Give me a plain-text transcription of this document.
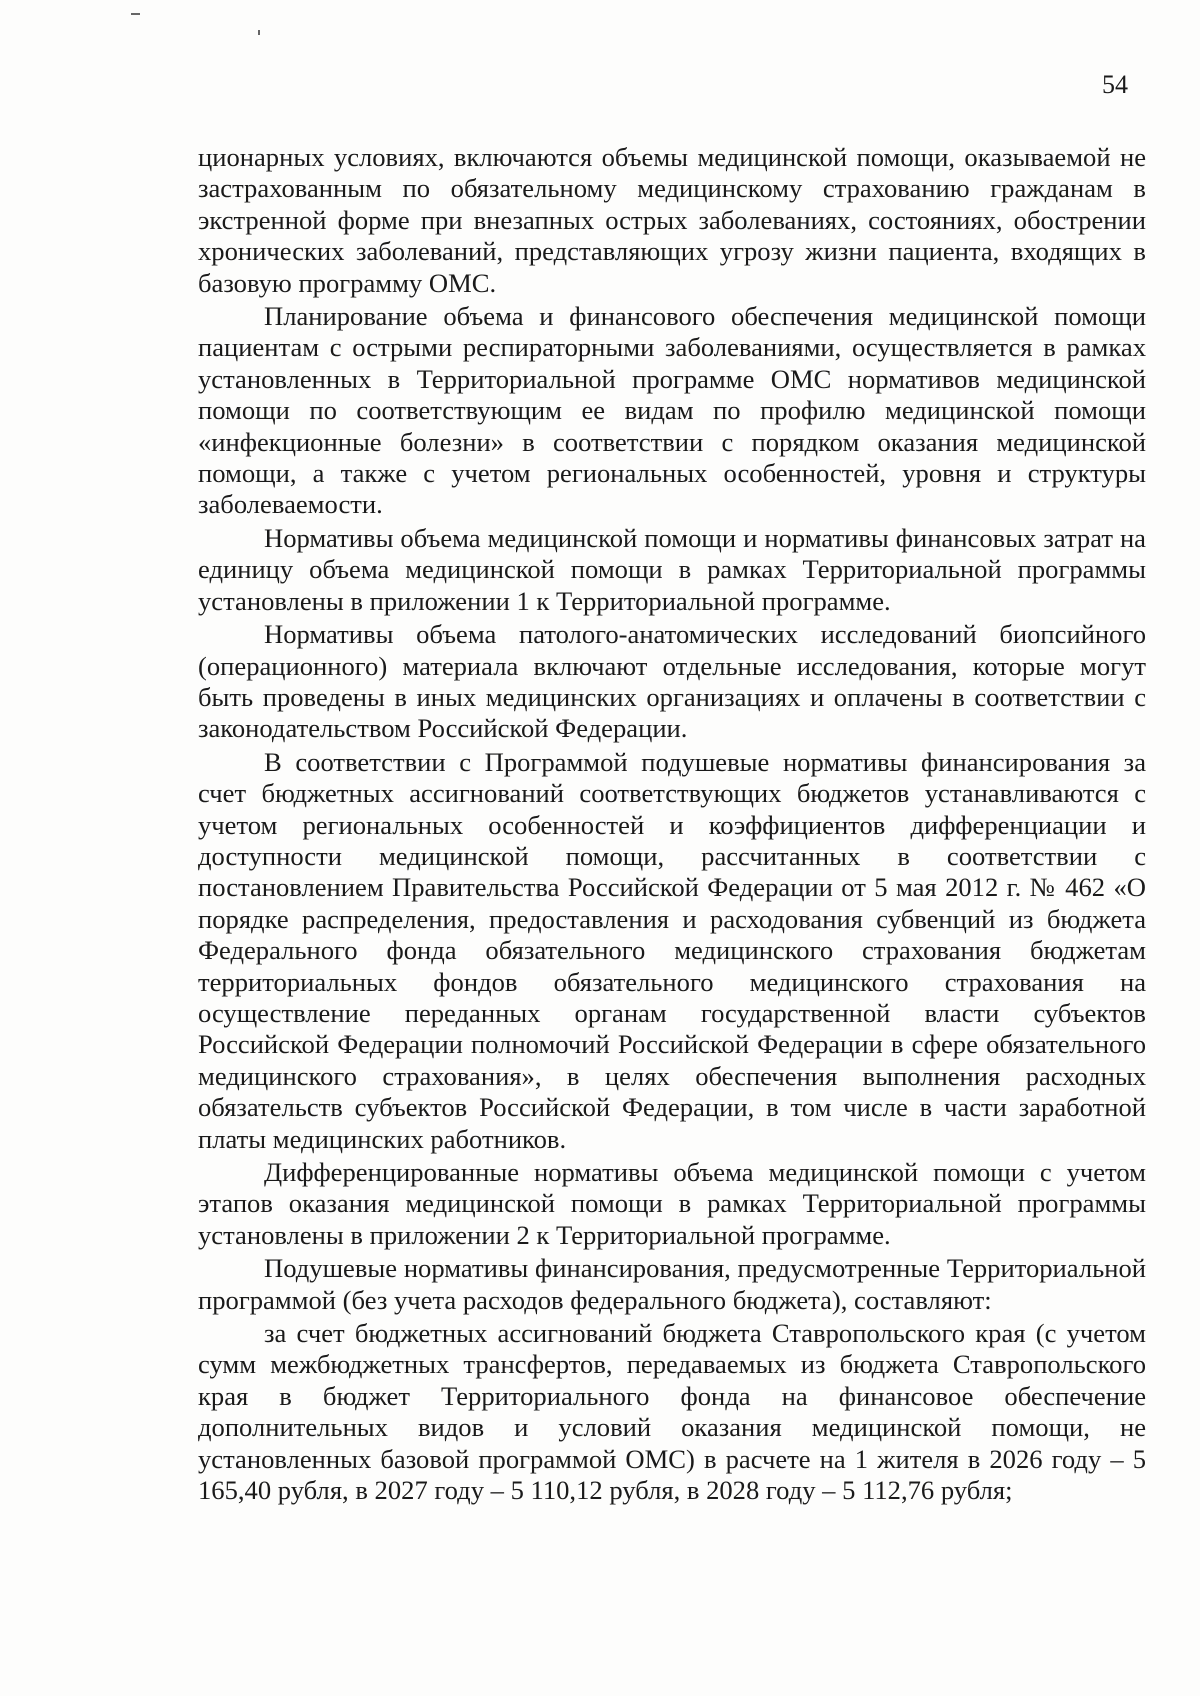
54

ционарных условиях, включаются объемы медицинской помощи, оказываемой не застрахованным по обязательному медицинскому страхованию гражданам в экстренной форме при внезапных острых заболеваниях, состояниях, обострении хронических заболеваний, представляющих угрозу жизни пациента, входящих в базовую программу ОМС.

Планирование объема и финансового обеспечения медицинской помощи пациентам с острыми респираторными заболеваниями, осуществляется в рамках установленных в Территориальной программе ОМС нормативов медицинской помощи по соответствующим ее видам по профилю медицинской помощи «инфекционные болезни» в соответствии с порядком оказания медицинской помощи, а также с учетом региональных особенностей, уровня и структуры заболеваемости.

Нормативы объема медицинской помощи и нормативы финансовых затрат на единицу объема медицинской помощи в рамках Территориальной программы установлены в приложении 1 к Территориальной программе.

Нормативы объема патолого-анатомических исследований биопсийного (операционного) материала включают отдельные исследования, которые могут быть проведены в иных медицинских организациях и оплачены в соответствии с законодательством Российской Федерации.

В соответствии с Программой подушевые нормативы финансирования за счет бюджетных ассигнований соответствующих бюджетов устанавливаются с учетом региональных особенностей и коэффициентов дифференциации и доступности медицинской помощи, рассчитанных в соответствии с постановлением Правительства Российской Федерации от 5 мая 2012 г. № 462 «О порядке распределения, предоставления и расходования субвенций из бюджета Федерального фонда обязательного медицинского страхования бюджетам территориальных фондов обязательного медицинского страхования на осуществление переданных органам государственной власти субъектов Российской Федерации полномочий Российской Федерации в сфере обязательного медицинского страхования», в целях обеспечения выполнения расходных обязательств субъектов Российской Федерации, в том числе в части заработной платы медицинских работников.

Дифференцированные нормативы объема медицинской помощи с учетом этапов оказания медицинской помощи в рамках Территориальной программы установлены в приложении 2 к Территориальной программе.

Подушевые нормативы финансирования, предусмотренные Территориальной программой (без учета расходов федерального бюджета), составляют:

за счет бюджетных ассигнований бюджета Ставропольского края (с учетом сумм межбюджетных трансфертов, передаваемых из бюджета Ставропольского края в бюджет Территориального фонда на финансовое обеспечение дополнительных видов и условий оказания медицинской помощи, не установленных базовой программой ОМС) в расчете на 1 жителя в 2026 году – 5 165,40 рубля, в 2027 году – 5 110,12 рубля, в 2028 году – 5 112,76 рубля;
